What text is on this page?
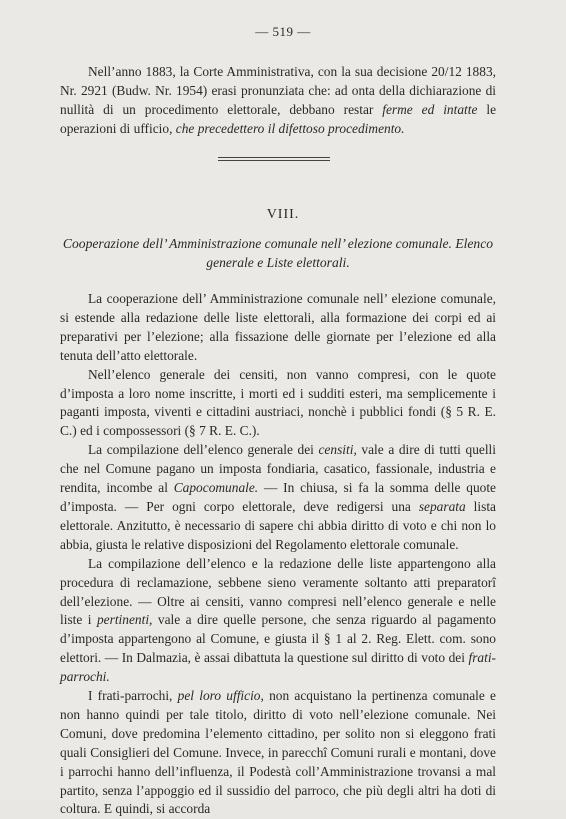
— 519 —

Nell’anno 1883, la Corte Amministrativa, con la sua decisione 20/12 1883, Nr. 2921 (Budw. Nr. 1954) erasi pronunziata che: ad onta della dichiarazione di nullità di un procedimento elettorale, debbano restar ferme ed intatte le operazioni di ufficio, che precedettero il difettoso procedimento.

VIII.
Cooperazione dell’ Amministrazione comunale nell’ elezione comunale. Elenco generale e Liste elettorali.

La cooperazione dell’ Amministrazione comunale nell’ elezione comunale, si estende alla redazione delle liste elettorali, alla formazione dei corpi ed ai preparativi per l’elezione; alla fissazione delle giornate per l’elezione ed alla tenuta dell’atto elettorale.

Nell’elenco generale dei censiti, non vanno compresi, con le quote d’imposta a loro nome inscritte, i morti ed i sudditi esteri, ma semplicemente i paganti imposta, viventi e cittadini austriaci, nonchè i pubblici fondi (§ 5 R. E. C.) ed i compossessori (§ 7 R. E. C.).

La compilazione dell’elenco generale dei censiti, vale a dire di tutti quelli che nel Comune pagano un imposta fondiaria, casatico, fassionale, industria e rendita, incombe al Capocomunale. — In chiusa, si fa la somma delle quote d’imposta. — Per ogni corpo elettorale, deve redigersi una separata lista elettorale. Anzitutto, è necessario di sapere chi abbia diritto di voto e chi non lo abbia, giusta le relative disposizioni del Regolamento elettorale comunale.

La compilazione dell’elenco e la redazione delle liste appartengono alla procedura di reclamazione, sebbene sieno veramente soltanto atti preparatorî dell’elezione. — Oltre ai censiti, vanno compresi nell’elenco generale e nelle liste i pertinenti, vale a dire quelle persone, che senza riguardo al pagamento d’imposta appartengono al Comune, e giusta il § 1 al 2. Reg. Elett. com. sono elettori. — In Dalmazia, è assai dibattuta la questione sul diritto di voto dei frati-parrochi.

I frati-parrochi, pel loro ufficio, non acquistano la pertinenza comunale e non hanno quindi per tale titolo, diritto di voto nell’elezione comunale. Nei Comuni, dove predomina l’elemento cittadino, per solito non si eleggono frati quali Consiglieri del Comune. Invece, in parecchî Comuni rurali e montani, dove i parrochi hanno dell’influenza, il Podestà coll’Amministrazione trovansi a mal partito, senza l’appoggio ed il sussidio del parroco, che più degli altri ha doti di coltura. E quindi, si accorda
